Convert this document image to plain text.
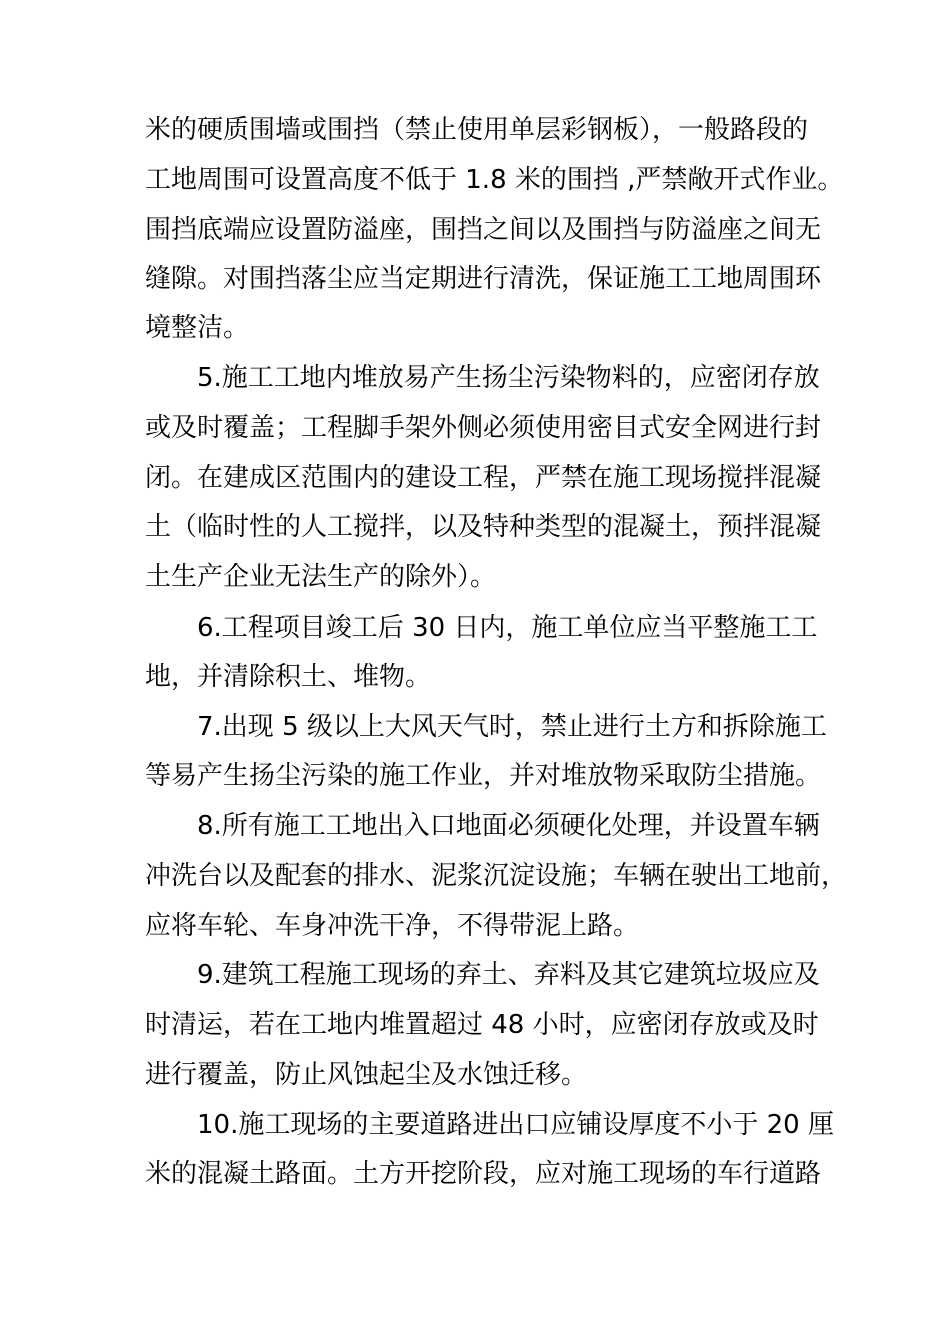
米的硬质围墙或围挡（禁止使用单层彩钢板），一般路段的
工地周围可设置高度不低于 1.8 米的围挡 ,严禁敞开式作业。
围挡底端应设置防溢座，围挡之间以及围挡与防溢座之间无
缝隙。对围挡落尘应当定期进行清洗，保证施工工地周围环
境整洁。
5.施工工地内堆放易产生扬尘污染物料的，应密闭存放
或及时覆盖；工程脚手架外侧必须使用密目式安全网进行封
闭。在建成区范围内的建设工程，严禁在施工现场搅拌混凝
土（临时性的人工搅拌，以及特种类型的混凝土，预拌混凝
土生产企业无法生产的除外）。
6.工程项目竣工后 30 日内，施工单位应当平整施工工
地，并清除积土、堆物。
7.出现 5 级以上大风天气时，禁止进行土方和拆除施工
等易产生扬尘污染的施工作业，并对堆放物采取防尘措施。
8.所有施工工地出入口地面必须硬化处理，并设置车辆
冲洗台以及配套的排水、泥浆沉淀设施；车辆在驶出工地前，
应将车轮、车身冲洗干净，不得带泥上路。
9.建筑工程施工现场的弃土、弃料及其它建筑垃圾应及
时清运，若在工地内堆置超过 48 小时，应密闭存放或及时
进行覆盖，防止风蚀起尘及水蚀迁移。
10.施工现场的主要道路进出口应铺设厚度不小于 20 厘
米的混凝土路面。土方开挖阶段，应对施工现场的车行道路
